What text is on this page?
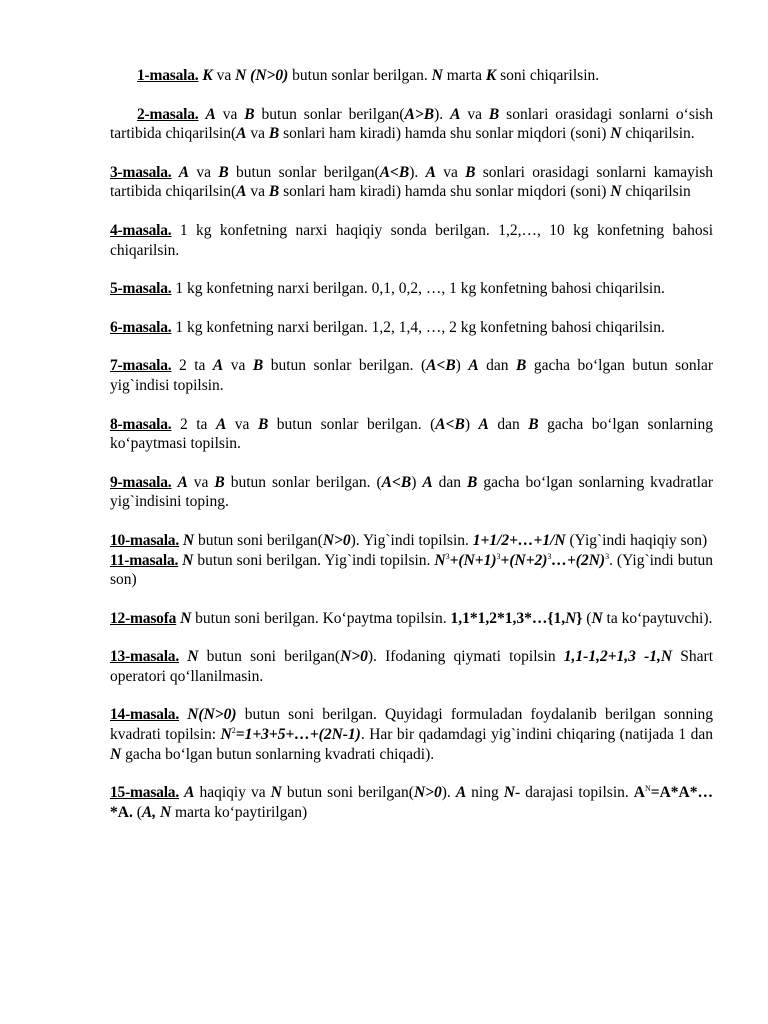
1-masala. K va N (N>0) butun sonlar berilgan. N marta K soni chiqarilsin.

2-masala. A va B butun sonlar berilgan(A>B). A va B sonlari orasidagi sonlarni o‘sish tartibida chiqarilsin(A va B sonlari ham kiradi) hamda shu sonlar miqdori (soni) N chiqarilsin.

3-masala. A va B butun sonlar berilgan(A<B). A va B sonlari orasidagi sonlarni kamayish tartibida chiqarilsin(A va B sonlari ham kiradi) hamda shu sonlar miqdori (soni) N chiqarilsin

4-masala. 1 kg konfetning narxi haqiqiy sonda berilgan. 1,2,…, 10 kg konfetning bahosi chiqarilsin.

5-masala. 1 kg konfetning narxi berilgan. 0,1, 0,2, …, 1 kg konfetning bahosi chiqarilsin.

6-masala. 1 kg konfetning narxi berilgan. 1,2, 1,4, …, 2 kg konfetning bahosi chiqarilsin.

7-masala. 2 ta A va B butun sonlar berilgan. (A<B) A dan B gacha bo‘lgan butun sonlar yig`indisi topilsin.

8-masala. 2 ta A va B butun sonlar berilgan. (A<B) A dan B gacha bo‘lgan sonlarning ko‘paytmasi topilsin.

9-masala. A va B butun sonlar berilgan. (A<B) A dan B gacha bo‘lgan sonlarning kvadratlar yig`indisini toping.

10-masala. N butun soni berilgan(N>0). Yig`indi topilsin. 1+1/2+…+1/N (Yig`indi haqiqiy son)

11-masala. N butun soni berilgan. Yig`indi topilsin. $N^3+(N+1)^3+(N+2)^3\dots+(2N)^3$. (Yig`indi butun son)

12-masofa N butun soni berilgan. Ko‘paytma topilsin. 1,1*1,2*1,3*…{1,N} (N ta ko‘paytuvchi).

13-masala. N butun soni berilgan(N>0). Ifodaning qiymati topilsin 1,1-1,2+1,3 -1,N Shart operatori qo‘llanilmasin.

14-masala. N(N>0) butun soni berilgan. Quyidagi formuladan foydalanib berilgan sonning kvadrati topilsin: $N^2=1+3+5+\dots+(2N-1)$. Har bir qadamdagi yig`indini chiqaring (natijada 1 dan N gacha bo‘lgan butun sonlarning kvadrati chiqadi).

15-masala. A haqiqiy va N butun soni berilgan(N>0). A ning N- darajasi topilsin. $A^N=A*A*\dots*A$. (A, N marta ko‘paytirilgan)
